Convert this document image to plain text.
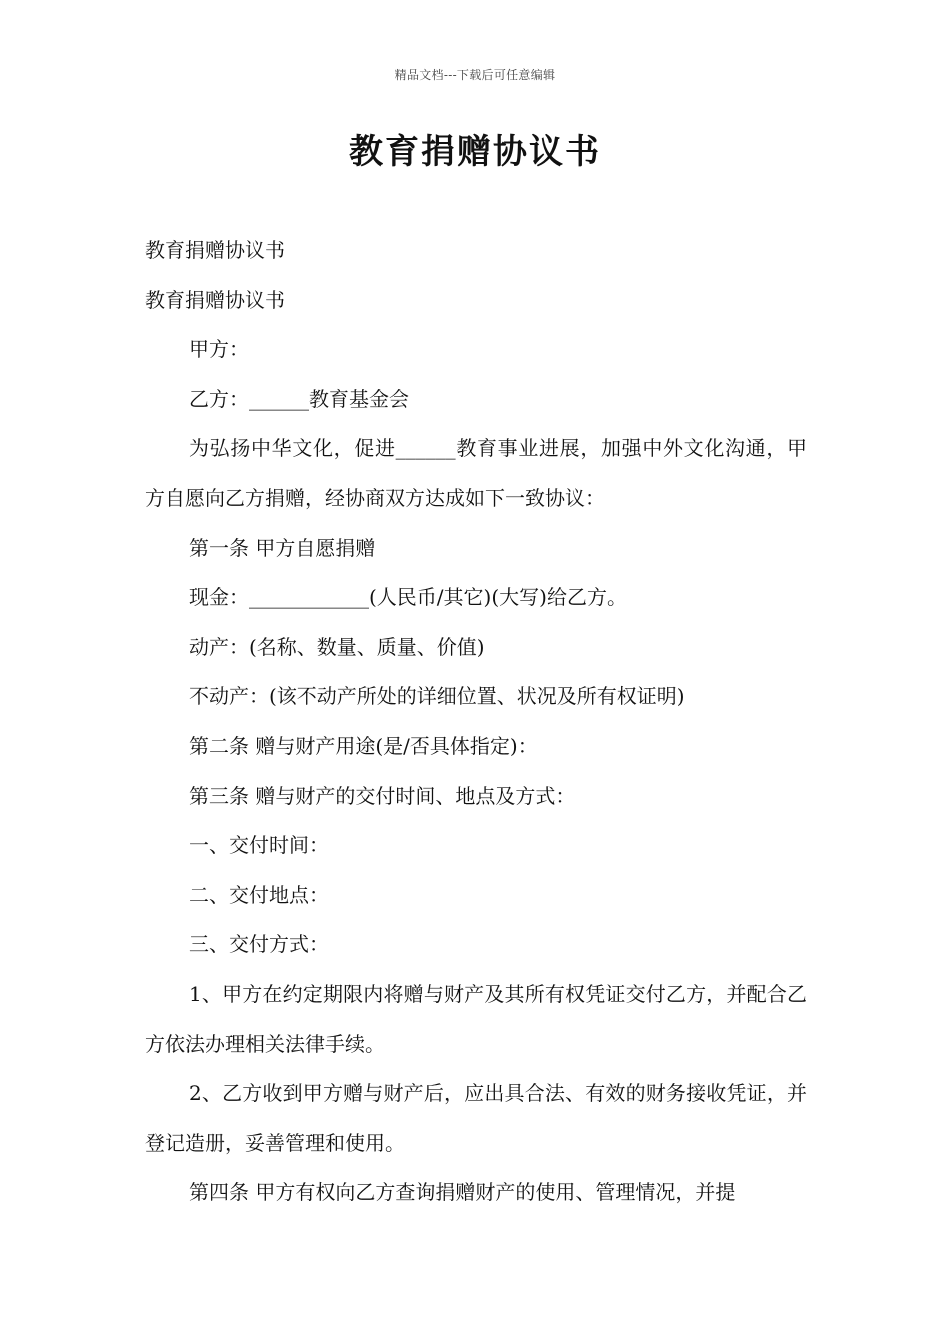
精品文档---下载后可任意编辑
教育捐赠协议书

教育捐赠协议书

教育捐赠协议书

甲方：

乙方：______教育基金会

为弘扬中华文化，促进______教育事业进展，加强中外文化沟通，甲方自愿向乙方捐赠，经协商双方达成如下一致协议：

第一条 甲方自愿捐赠

现金：____________(人民币/其它)(大写)给乙方。

动产：(名称、数量、质量、价值)

不动产：(该不动产所处的详细位置、状况及所有权证明)

第二条 赠与财产用途(是/否具体指定)：

第三条 赠与财产的交付时间、地点及方式：

一、交付时间：

二、交付地点：

三、交付方式：

1、甲方在约定期限内将赠与财产及其所有权凭证交付乙方，并配合乙方依法办理相关法律手续。

2、乙方收到甲方赠与财产后，应出具合法、有效的财务接收凭证，并登记造册，妥善管理和使用。

第四条 甲方有权向乙方查询捐赠财产的使用、管理情况，并提
